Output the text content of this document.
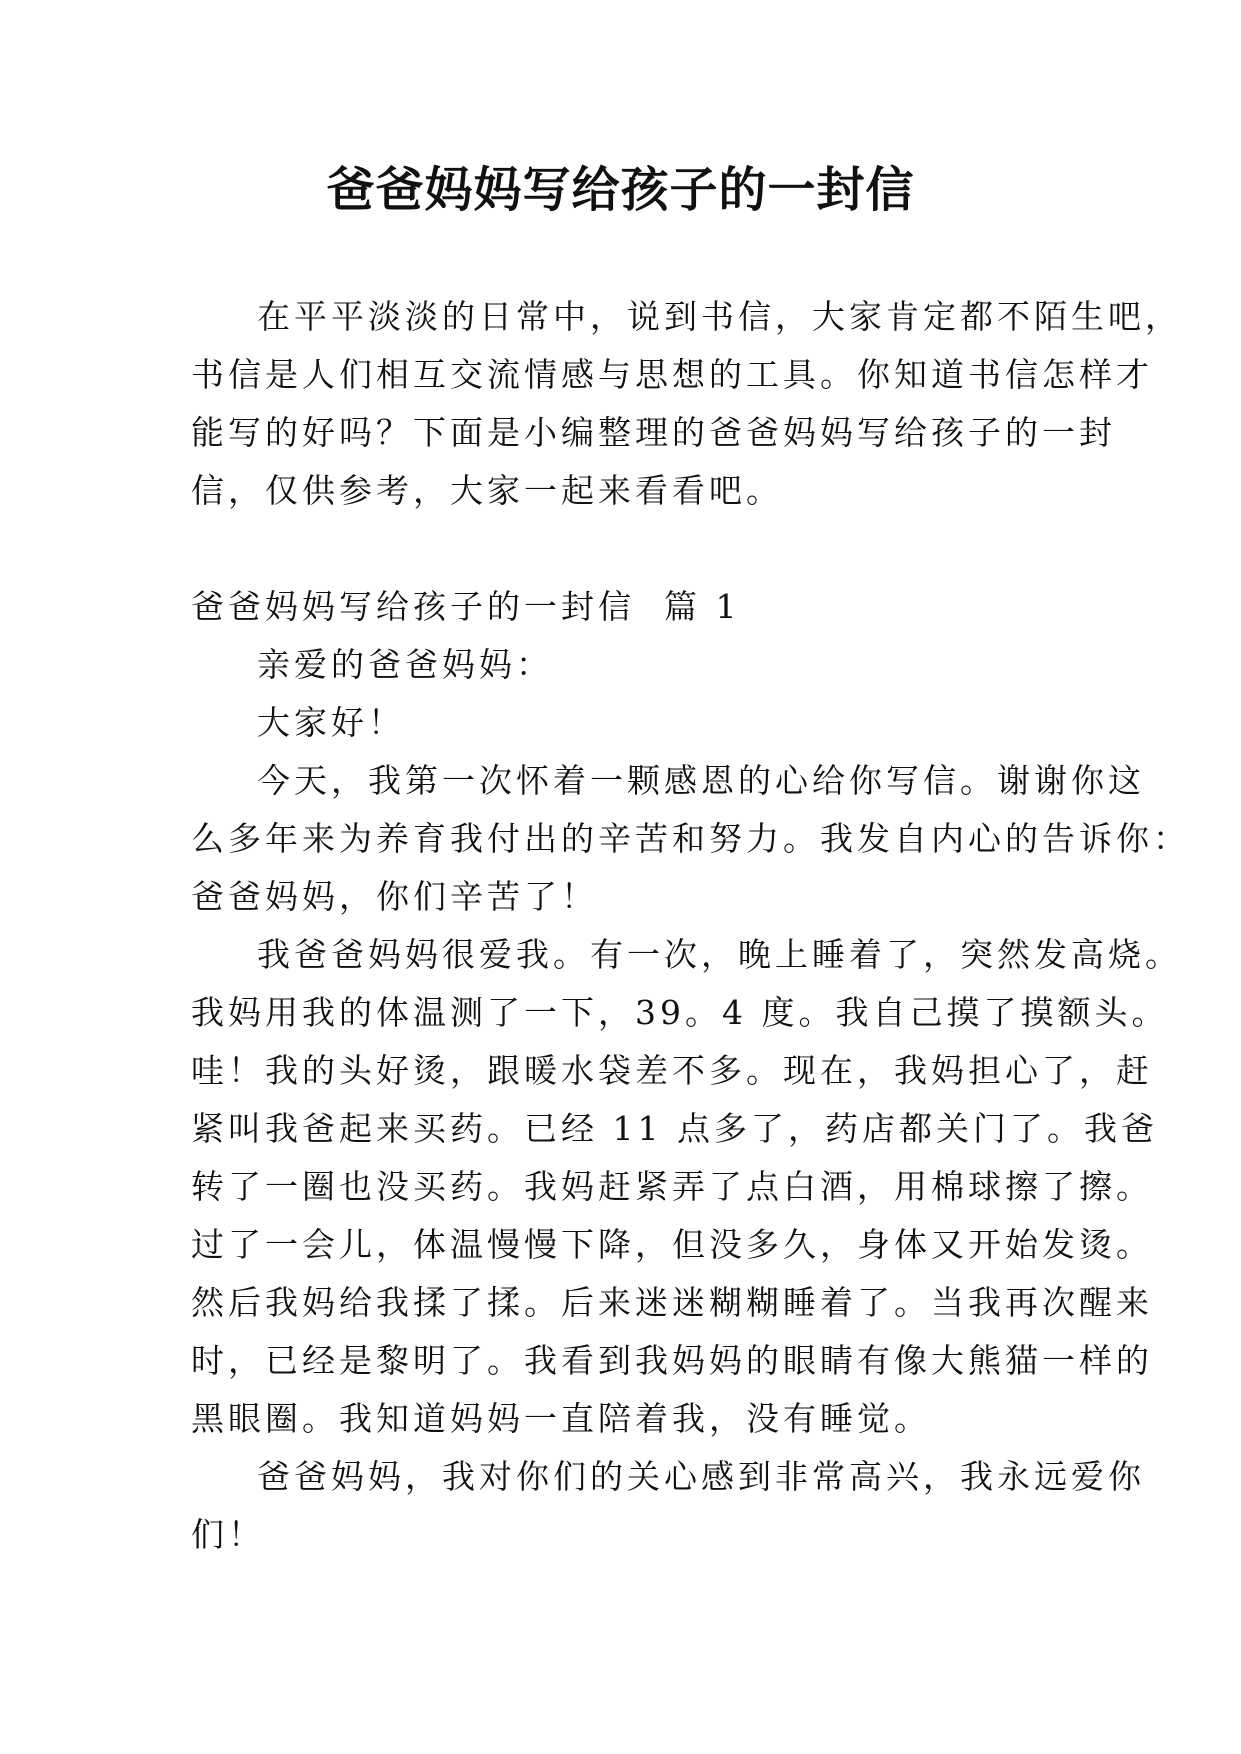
爸爸妈妈写给孩子的一封信

在平平淡淡的日常中，说到书信，大家肯定都不陌生吧，
书信是人们相互交流情感与思想的工具。你知道书信怎样才
能写的好吗？下面是小编整理的爸爸妈妈写给孩子的一封
信，仅供参考，大家一起来看看吧。

爸爸妈妈写给孩子的一封信  篇 1

亲爱的爸爸妈妈：

大家好！

今天，我第一次怀着一颗感恩的心给你写信。谢谢你这
么多年来为养育我付出的辛苦和努力。我发自内心的告诉你：
爸爸妈妈，你们辛苦了！

我爸爸妈妈很爱我。有一次，晚上睡着了，突然发高烧。
我妈用我的体温测了一下，39。4 度。我自己摸了摸额头。
哇！我的头好烫，跟暖水袋差不多。现在，我妈担心了，赶
紧叫我爸起来买药。已经 11 点多了，药店都关门了。我爸
转了一圈也没买药。我妈赶紧弄了点白酒，用棉球擦了擦。
过了一会儿，体温慢慢下降，但没多久，身体又开始发烫。
然后我妈给我揉了揉。后来迷迷糊糊睡着了。当我再次醒来
时，已经是黎明了。我看到我妈妈的眼睛有像大熊猫一样的
黑眼圈。我知道妈妈一直陪着我，没有睡觉。

爸爸妈妈，我对你们的关心感到非常高兴，我永远爱你
们！
